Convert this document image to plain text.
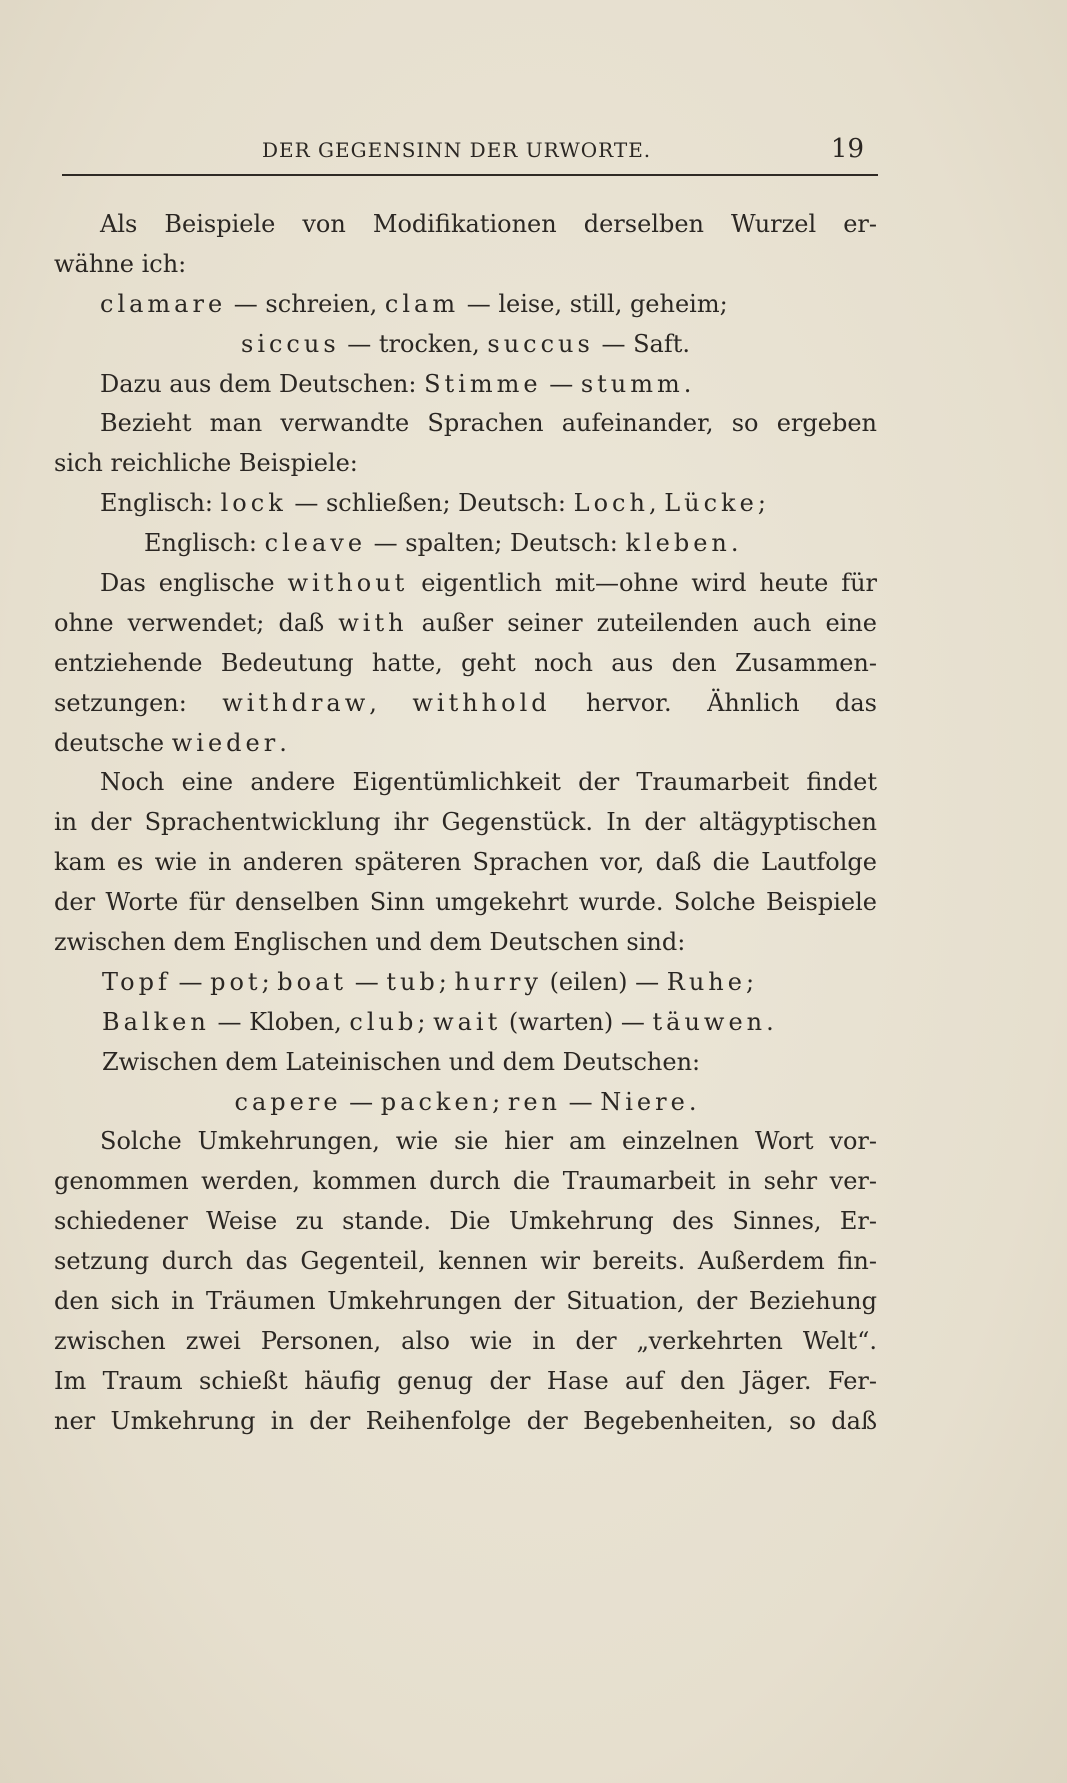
DER GEGENSINN DER URWORTE.	19
Als Beispiele von Modifikationen derselben Wurzel er-
wähne ich:
clamare — schreien, clam — leise, still, geheim;
siccus — trocken, succus — Saft.
Dazu aus dem Deutschen: Stimme — stumm.
Bezieht man verwandte Sprachen aufeinander, so ergeben
sich reichliche Beispiele:
Englisch: lock — schließen; Deutsch: Loch, Lücke;
Englisch: cleave — spalten; Deutsch: kleben.
Das englische without eigentlich mit—ohne wird heute für
ohne verwendet; daß with außer seiner zuteilenden auch eine
entziehende Bedeutung hatte, geht noch aus den Zusammen-
setzungen: withdraw, withhold hervor. Ähnlich das
deutsche wieder.
Noch eine andere Eigentümlichkeit der Traumarbeit findet
in der Sprachentwicklung ihr Gegenstück. In der altägyptischen
kam es wie in anderen späteren Sprachen vor, daß die Lautfolge
der Worte für denselben Sinn umgekehrt wurde. Solche Beispiele
zwischen dem Englischen und dem Deutschen sind:
Topf — pot; boat — tub; hurry (eilen) — Ruhe;
Balken — Kloben, club; wait (warten) — täuwen.
Zwischen dem Lateinischen und dem Deutschen:
capere — packen; ren — Niere.
Solche Umkehrungen, wie sie hier am einzelnen Wort vor-
genommen werden, kommen durch die Traumarbeit in sehr ver-
schiedener Weise zu stande. Die Umkehrung des Sinnes, Er-
setzung durch das Gegenteil, kennen wir bereits. Außerdem fin-
den sich in Träumen Umkehrungen der Situation, der Beziehung
zwischen zwei Personen, also wie in der „verkehrten Welt“.
Im Traum schießt häufig genug der Hase auf den Jäger. Fer-
ner Umkehrung in der Reihenfolge der Begebenheiten, so daß
